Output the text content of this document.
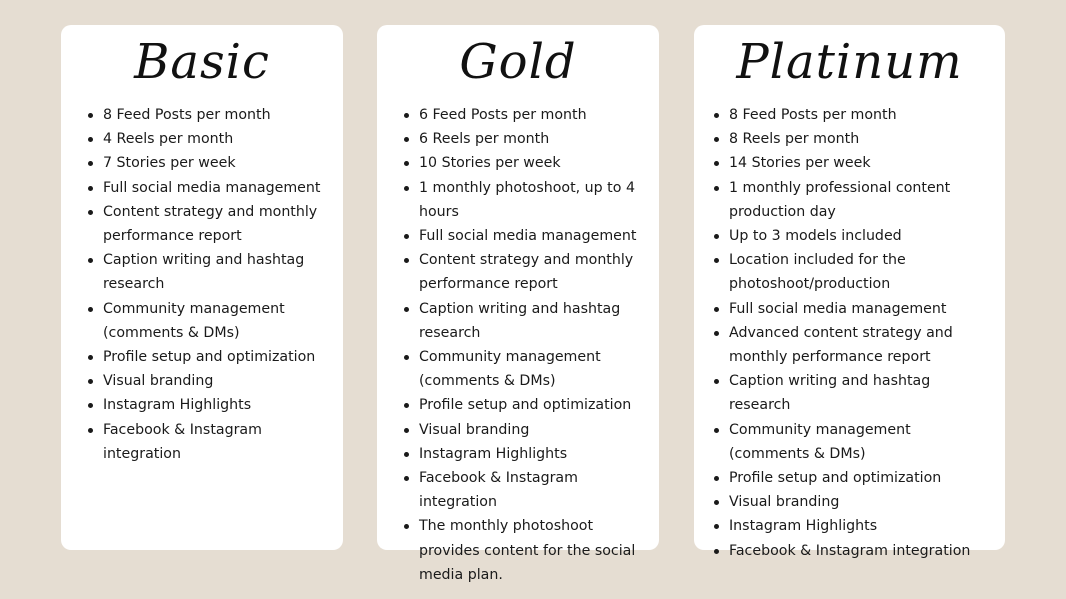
Basic
8 Feed Posts per month
4 Reels per month
7 Stories per week
Full social media management
Content strategy and monthly performance report
Caption writing and hashtag research
Community management (comments & DMs)
Profile setup and optimization
Visual branding
Instagram Highlights
Facebook & Instagram integration
Gold
6 Feed Posts per month
6 Reels per month
10 Stories per week
1 monthly photoshoot, up to 4 hours
Full social media management
Content strategy and monthly performance report
Caption writing and hashtag research
Community management (comments & DMs)
Profile setup and optimization
Visual branding
Instagram Highlights
Facebook & Instagram integration
The monthly photoshoot provides content for the social media plan.
Platinum
8 Feed Posts per month
8 Reels per month
14 Stories per week
1 monthly professional content production day
Up to 3 models included
Location included for the photoshoot/production
Full social media management
Advanced content strategy and monthly performance report
Caption writing and hashtag research
Community management (comments & DMs)
Profile setup and optimization
Visual branding
Instagram Highlights
Facebook & Instagram integration
